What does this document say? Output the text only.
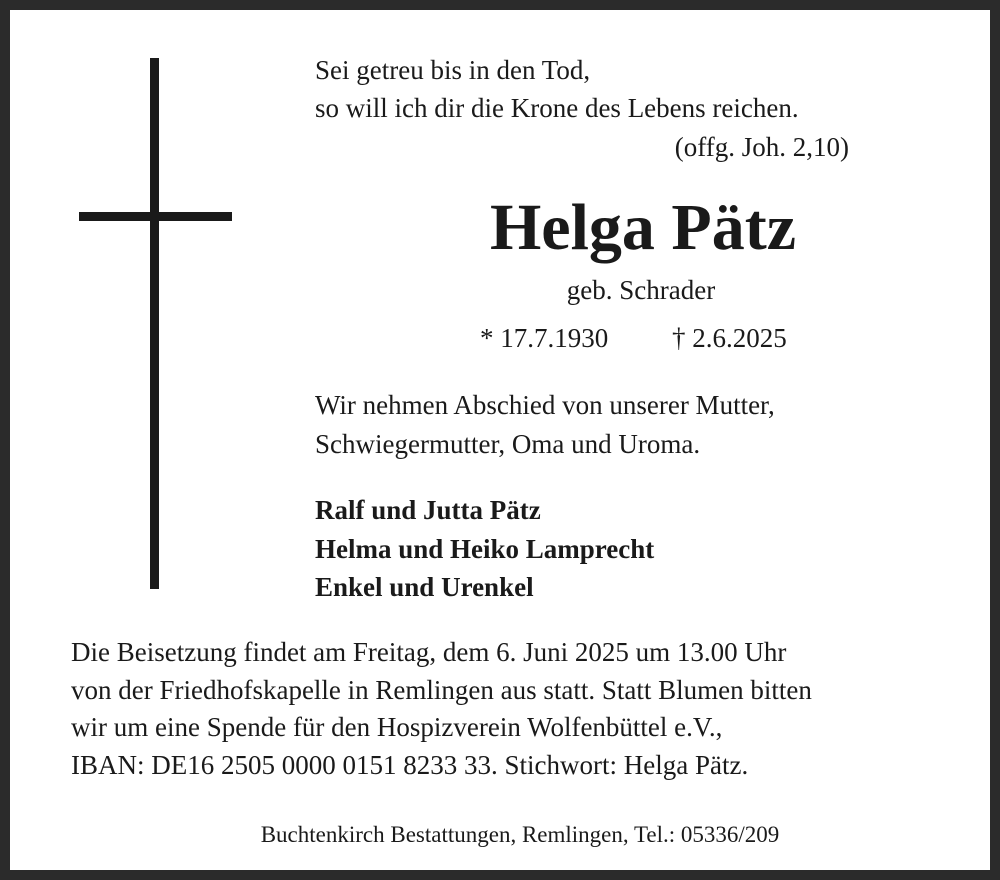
Sei getreu bis in den Tod,
so will ich dir die Krone des Lebens reichen.
(offg. Joh. 2,10)
Helga Pätz
geb. Schrader
* 17.7.1930 † 2.6.2025
Wir nehmen Abschied von unserer Mutter,
Schwiegermutter, Oma und Uroma.
Ralf und Jutta Pätz
Helma und Heiko Lamprecht
Enkel und Urenkel
Die Beisetzung findet am Freitag, dem 6. Juni 2025 um 13.00 Uhr
von der Friedhofskapelle in Remlingen aus statt. Statt Blumen bitten
wir um eine Spende für den Hospizverein Wolfenbüttel e.V.,
IBAN: DE16 2505 0000 0151 8233 33. Stichwort: Helga Pätz.
Buchtenkirch Bestattungen, Remlingen, Tel.: 05336/209
